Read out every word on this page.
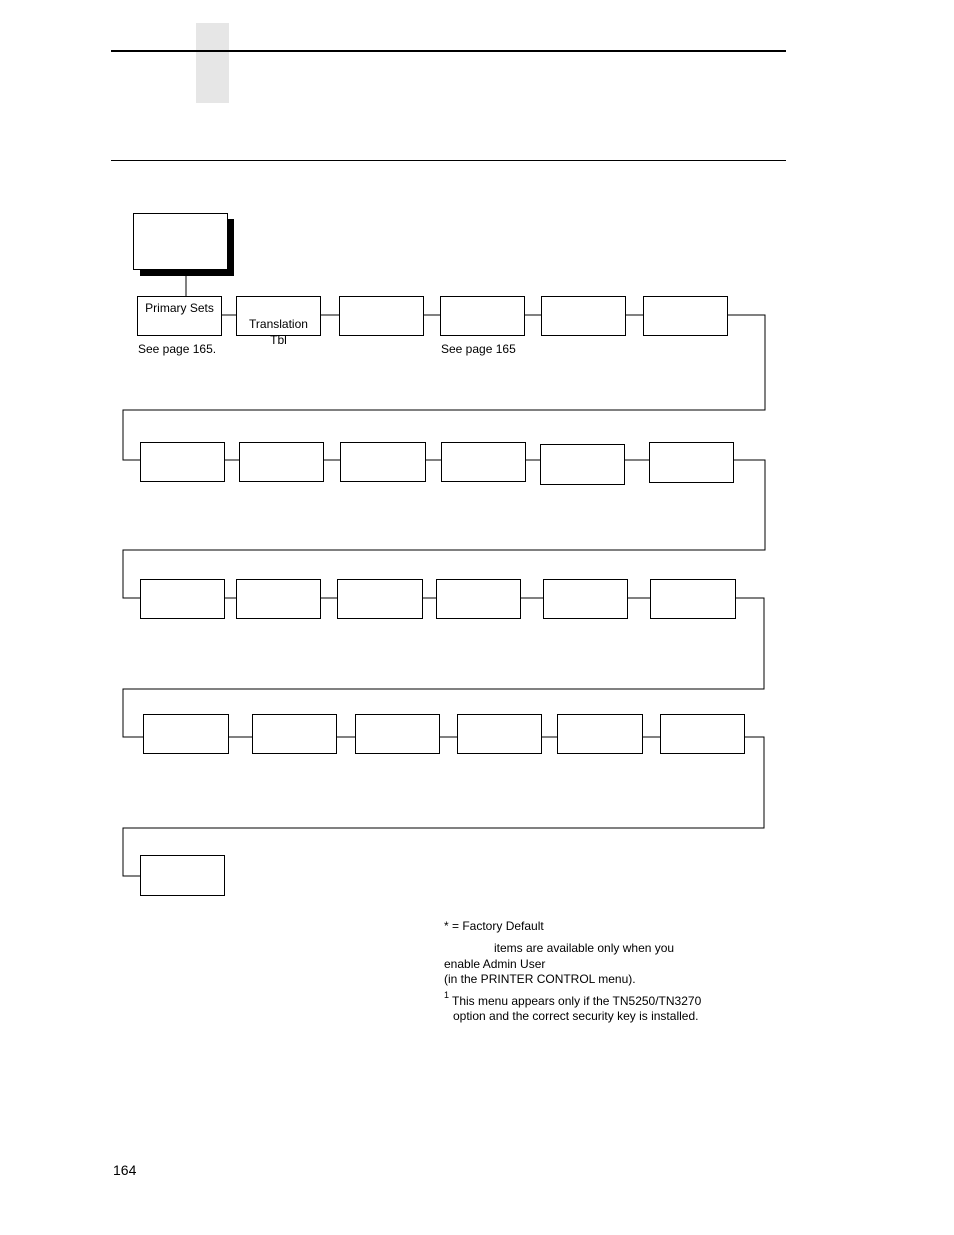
Primary Sets

Translation
Tbl

See page 165.	See page 165
* = Factory Default
items are available only when you
enable Admin User
(in the PRINTER CONTROL menu).
1 This menu appears only if the TN5250/TN3270
option and the correct security key is installed.
164
